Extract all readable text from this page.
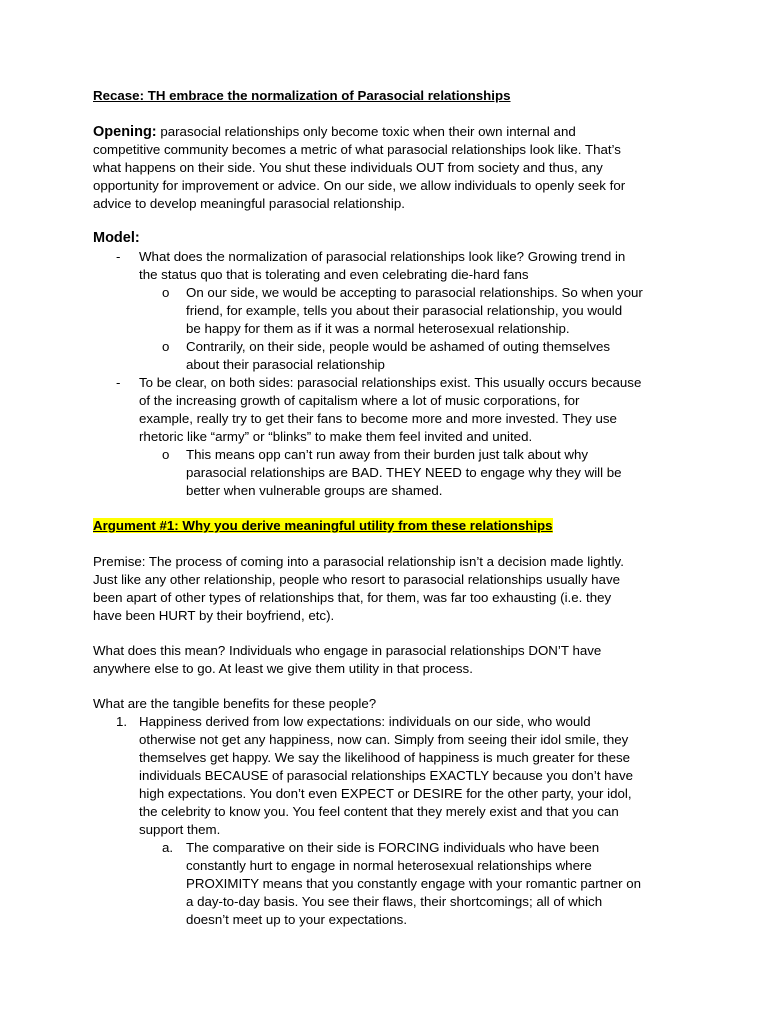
Recase: TH embrace the normalization of Parasocial relationships
Opening: parasocial relationships only become toxic when their own internal and
competitive community becomes a metric of what parasocial relationships look like. That’s
what happens on their side. You shut these individuals OUT from society and thus, any
opportunity for improvement or advice. On our side, we allow individuals to openly seek for
advice to develop meaningful parasocial relationship.
Model:
- What does the normalization of parasocial relationships look like? Growing trend in
the status quo that is tolerating and even celebrating die-hard fans
o On our side, we would be accepting to parasocial relationships. So when your
friend, for example, tells you about their parasocial relationship, you would
be happy for them as if it was a normal heterosexual relationship.
o Contrarily, on their side, people would be ashamed of outing themselves
about their parasocial relationship
- To be clear, on both sides: parasocial relationships exist. This usually occurs because
of the increasing growth of capitalism where a lot of music corporations, for
example, really try to get their fans to become more and more invested. They use
rhetoric like “army” or “blinks” to make them feel invited and united.
o This means opp can’t run away from their burden just talk about why
parasocial relationships are BAD. THEY NEED to engage why they will be
better when vulnerable groups are shamed.
Argument #1: Why you derive meaningful utility from these relationships
Premise: The process of coming into a parasocial relationship isn’t a decision made lightly.
Just like any other relationship, people who resort to parasocial relationships usually have
been apart of other types of relationships that, for them, was far too exhausting (i.e. they
have been HURT by their boyfriend, etc).
What does this mean? Individuals who engage in parasocial relationships DON’T have
anywhere else to go. At least we give them utility in that process.
What are the tangible benefits for these people?
1. Happiness derived from low expectations: individuals on our side, who would
otherwise not get any happiness, now can. Simply from seeing their idol smile, they
themselves get happy. We say the likelihood of happiness is much greater for these
individuals BECAUSE of parasocial relationships EXACTLY because you don’t have
high expectations. You don’t even EXPECT or DESIRE for the other party, your idol,
the celebrity to know you. You feel content that they merely exist and that you can
support them.
a. The comparative on their side is FORCING individuals who have been
constantly hurt to engage in normal heterosexual relationships where
PROXIMITY means that you constantly engage with your romantic partner on
a day-to-day basis. You see their flaws, their shortcomings; all of which
doesn’t meet up to your expectations.
